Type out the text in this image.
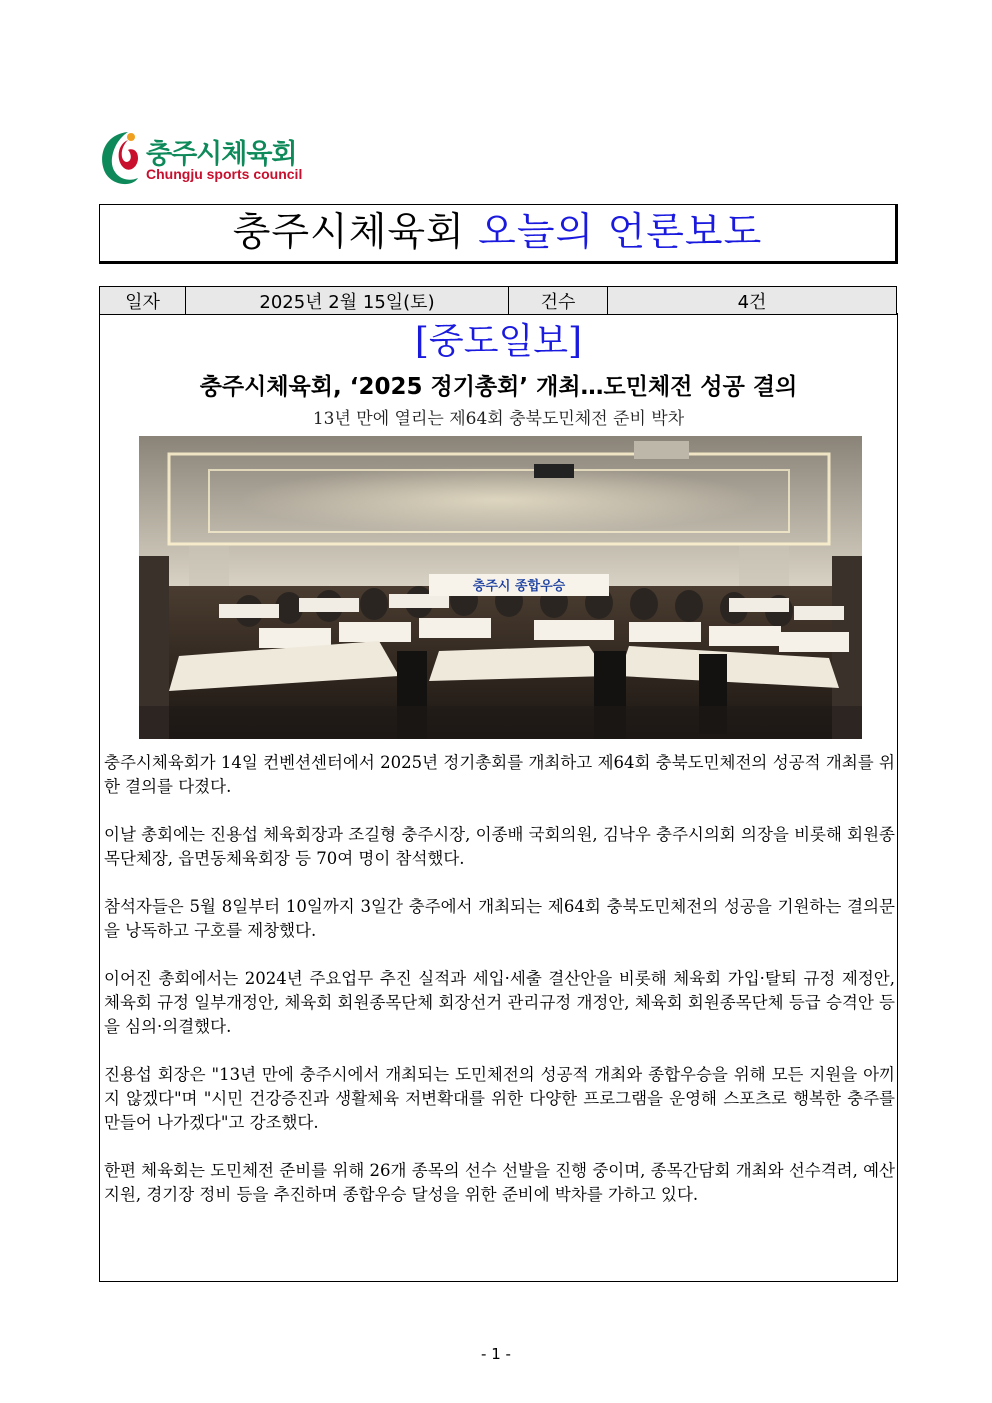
충주시체육회
Chungju sports council
충주시체육회 오늘의 언론보도
일자	2025년 2월 15일(토)	건수	4건
[중도일보]
충주시체육회, ‘2025 정기총회’ 개최…도민체전 성공 결의
13년 만에 열리는 제64회 충북도민체전 준비 박차
충주시 종합우승

충주시체육회가 14일 컨벤션센터에서 2025년 정기총회를 개최하고 제64회 충북도민체전의 성공적 개최를 위한 결의를 다졌다.

이날 총회에는 진용섭 체육회장과 조길형 충주시장, 이종배 국회의원, 김낙우 충주시의회 의장을 비롯해 회원종목단체장, 읍면동체육회장 등 70여 명이 참석했다.

참석자들은 5월 8일부터 10일까지 3일간 충주에서 개최되는 제64회 충북도민체전의 성공을 기원하는 결의문을 낭독하고 구호를 제창했다.

이어진 총회에서는 2024년 주요업무 추진 실적과 세입·세출 결산안을 비롯해 체육회 가입·탈퇴 규정 제정안, 체육회 규정 일부개정안, 체육회 회원종목단체 회장선거 관리규정 개정안, 체육회 회원종목단체 등급 승격안 등을 심의·의결했다.

진용섭 회장은 "13년 만에 충주시에서 개최되는 도민체전의 성공적 개최와 종합우승을 위해 모든 지원을 아끼지 않겠다"며 "시민 건강증진과 생활체육 저변확대를 위한 다양한 프로그램을 운영해 스포츠로 행복한 충주를 만들어 나가겠다"고 강조했다.

한편 체육회는 도민체전 준비를 위해 26개 종목의 선수 선발을 진행 중이며, 종목간담회 개최와 선수격려, 예산지원, 경기장 정비 등을 추진하며 종합우승 달성을 위한 준비에 박차를 가하고 있다.

- 1 -
